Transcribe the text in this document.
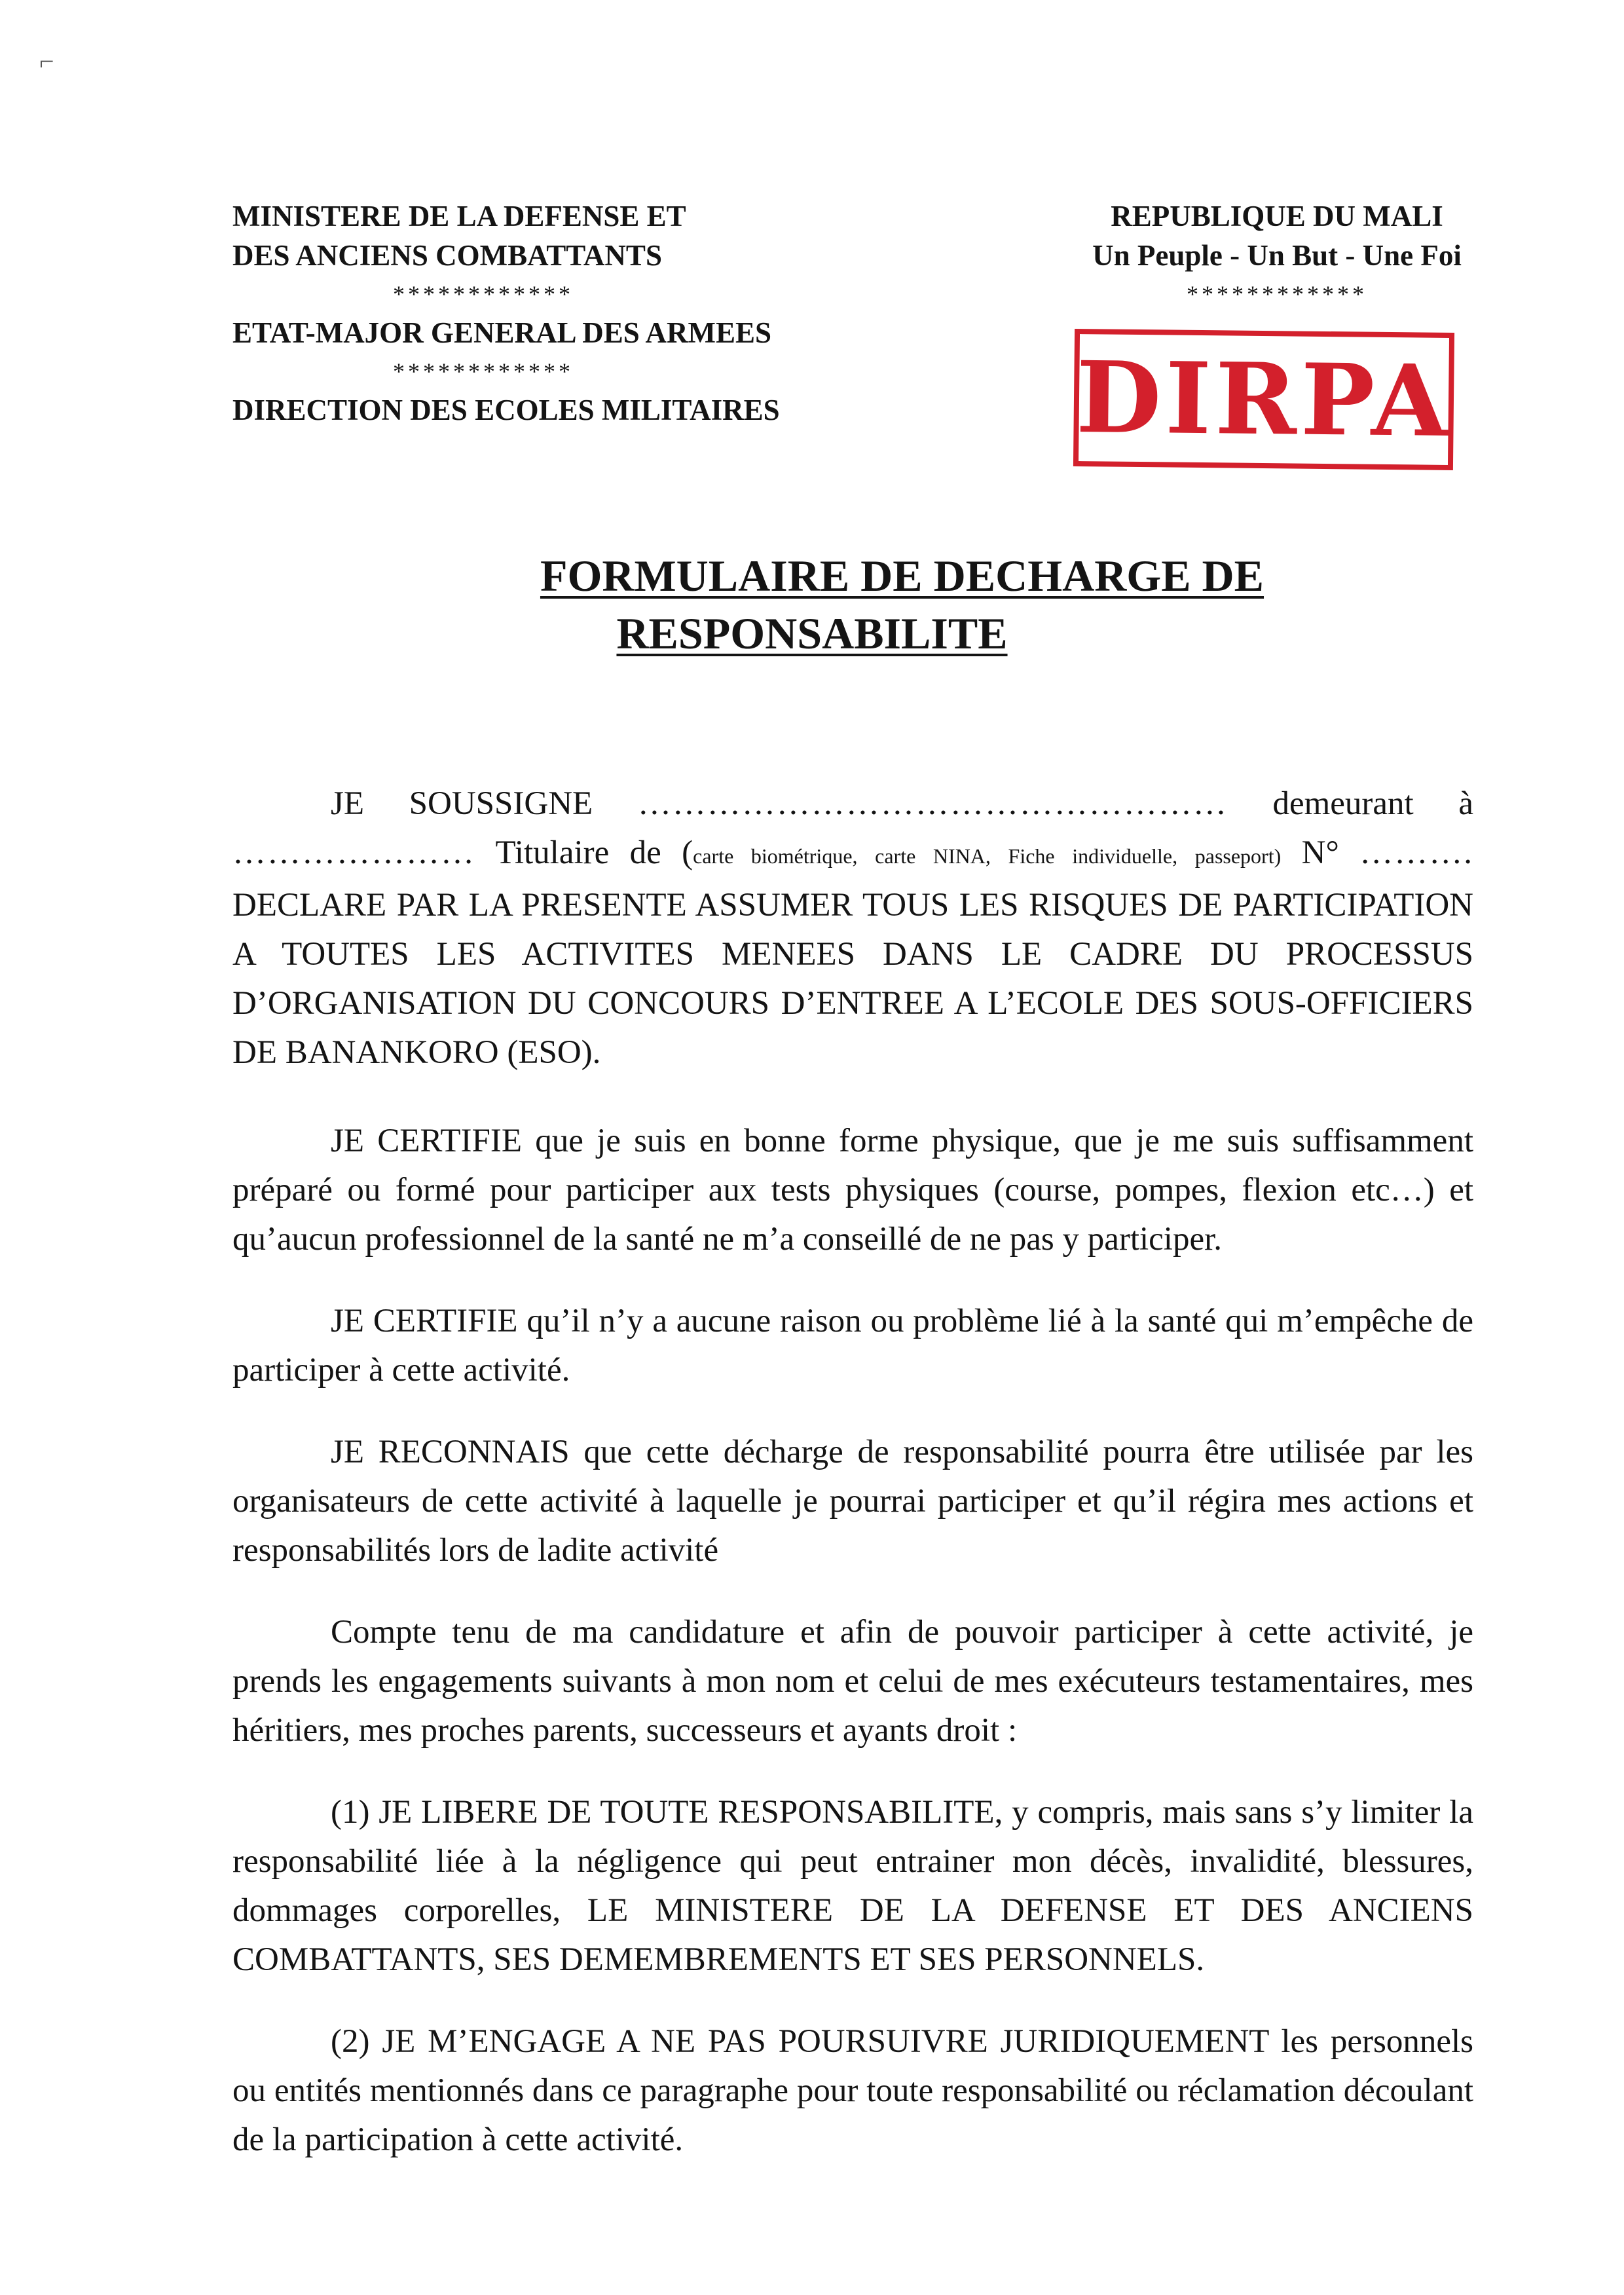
⌐
MINISTERE DE LA DEFENSE ET
DES ANCIENS COMBATTANTS
************
ETAT-MAJOR GENERAL DES ARMEES
************
DIRECTION DES ECOLES MILITAIRES
REPUBLIQUE DU MALI
Un Peuple - Un But - Une Foi
************
DIRPA
FORMULAIRE DE DECHARGE DE
RESPONSABILITE

JE SOUSSIGNE …………………………………………… demeurant à ………………… Titulaire de (carte biométrique, carte NINA, Fiche individuelle, passeport) N° ………. DECLARE PAR LA PRESENTE ASSUMER TOUS LES RISQUES DE PARTICIPATION A TOUTES LES ACTIVITES MENEES DANS LE CADRE DU PROCESSUS D’ORGANISATION DU CONCOURS D’ENTREE A L’ECOLE DES SOUS-OFFICIERS DE BANANKORO (ESO).

JE CERTIFIE que je suis en bonne forme physique, que je me suis suffisamment préparé ou formé pour participer aux tests physiques (course, pompes, flexion etc…) et qu’aucun professionnel de la santé ne m’a conseillé de ne pas y participer.

JE CERTIFIE qu’il n’y a aucune raison ou problème lié à la santé qui m’empêche de participer à cette activité.

JE RECONNAIS que cette décharge de responsabilité pourra être utilisée par les organisateurs de cette activité à laquelle je pourrai participer et qu’il régira mes actions et responsabilités lors de ladite activité

Compte tenu de ma candidature et afin de pouvoir participer à cette activité, je prends les engagements suivants à mon nom et celui de mes exécuteurs testamentaires, mes héritiers, mes proches parents, successeurs et ayants droit :

(1) JE LIBERE DE TOUTE RESPONSABILITE, y compris, mais sans s’y limiter la responsabilité liée à la négligence qui peut entrainer mon décès, invalidité, blessures, dommages corporelles, LE MINISTERE DE LA DEFENSE ET DES ANCIENS COMBATTANTS, SES DEMEMBREMENTS ET SES PERSONNELS.

(2) JE M’ENGAGE A NE PAS POURSUIVRE JURIDIQUEMENT les personnels ou entités mentionnés dans ce paragraphe pour toute responsabilité ou réclamation découlant de la participation à cette activité.
